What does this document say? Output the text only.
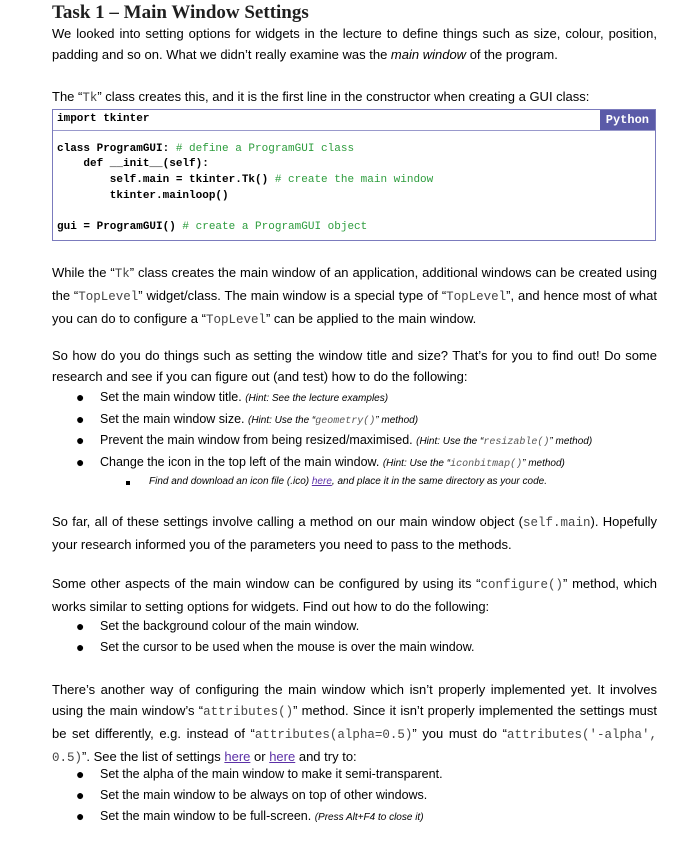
Task 1 – Main Window Settings
We looked into setting options for widgets in the lecture to define things such as size, colour, position, padding and so on. What we didn’t really examine was the main window of the program.
The “Tk” class creates this, and it is the first line in the constructor when creating a GUI class:
import tkinter	Python
class ProgramGUI: # define a ProgramGUI class
def __init__(self):
self.main = tkinter.Tk() # create the main window
tkinter.mainloop()
gui = ProgramGUI() # create a ProgramGUI object
While the “Tk” class creates the main window of an application, additional windows can be created using the “TopLevel” widget/class. The main window is a special type of “TopLevel”, and hence most of what you can do to configure a “TopLevel” can be applied to the main window.
So how do you do things such as setting the window title and size? That’s for you to find out! Do some research and see if you can figure out (and test) how to do the following:
● Set the main window title. (Hint: See the lecture examples)
● Set the main window size. (Hint: Use the “geometry()” method)
● Prevent the main window from being resized/maximised. (Hint: Use the “resizable()” method)
● Change the icon in the top left of the main window. (Hint: Use the “iconbitmap()” method)
Find and download an icon file (.ico) here, and place it in the same directory as your code.
So far, all of these settings involve calling a method on our main window object (self.main). Hopefully your research informed you of the parameters you need to pass to the methods.
Some other aspects of the main window can be configured by using its “configure()” method, which works similar to setting options for widgets. Find out how to do the following:
● Set the background colour of the main window.
● Set the cursor to be used when the mouse is over the main window.
There’s another way of configuring the main window which isn’t properly implemented yet. It involves using the main window’s “attributes()” method. Since it isn’t properly implemented the settings must be set differently, e.g. instead of “attributes(alpha=0.5)” you must do “attributes('-alpha', 0.5)”. See the list of settings here or here and try to:
● Set the alpha of the main window to make it semi-transparent.
● Set the main window to be always on top of other windows.
● Set the main window to be full-screen. (Press Alt+F4 to close it)
